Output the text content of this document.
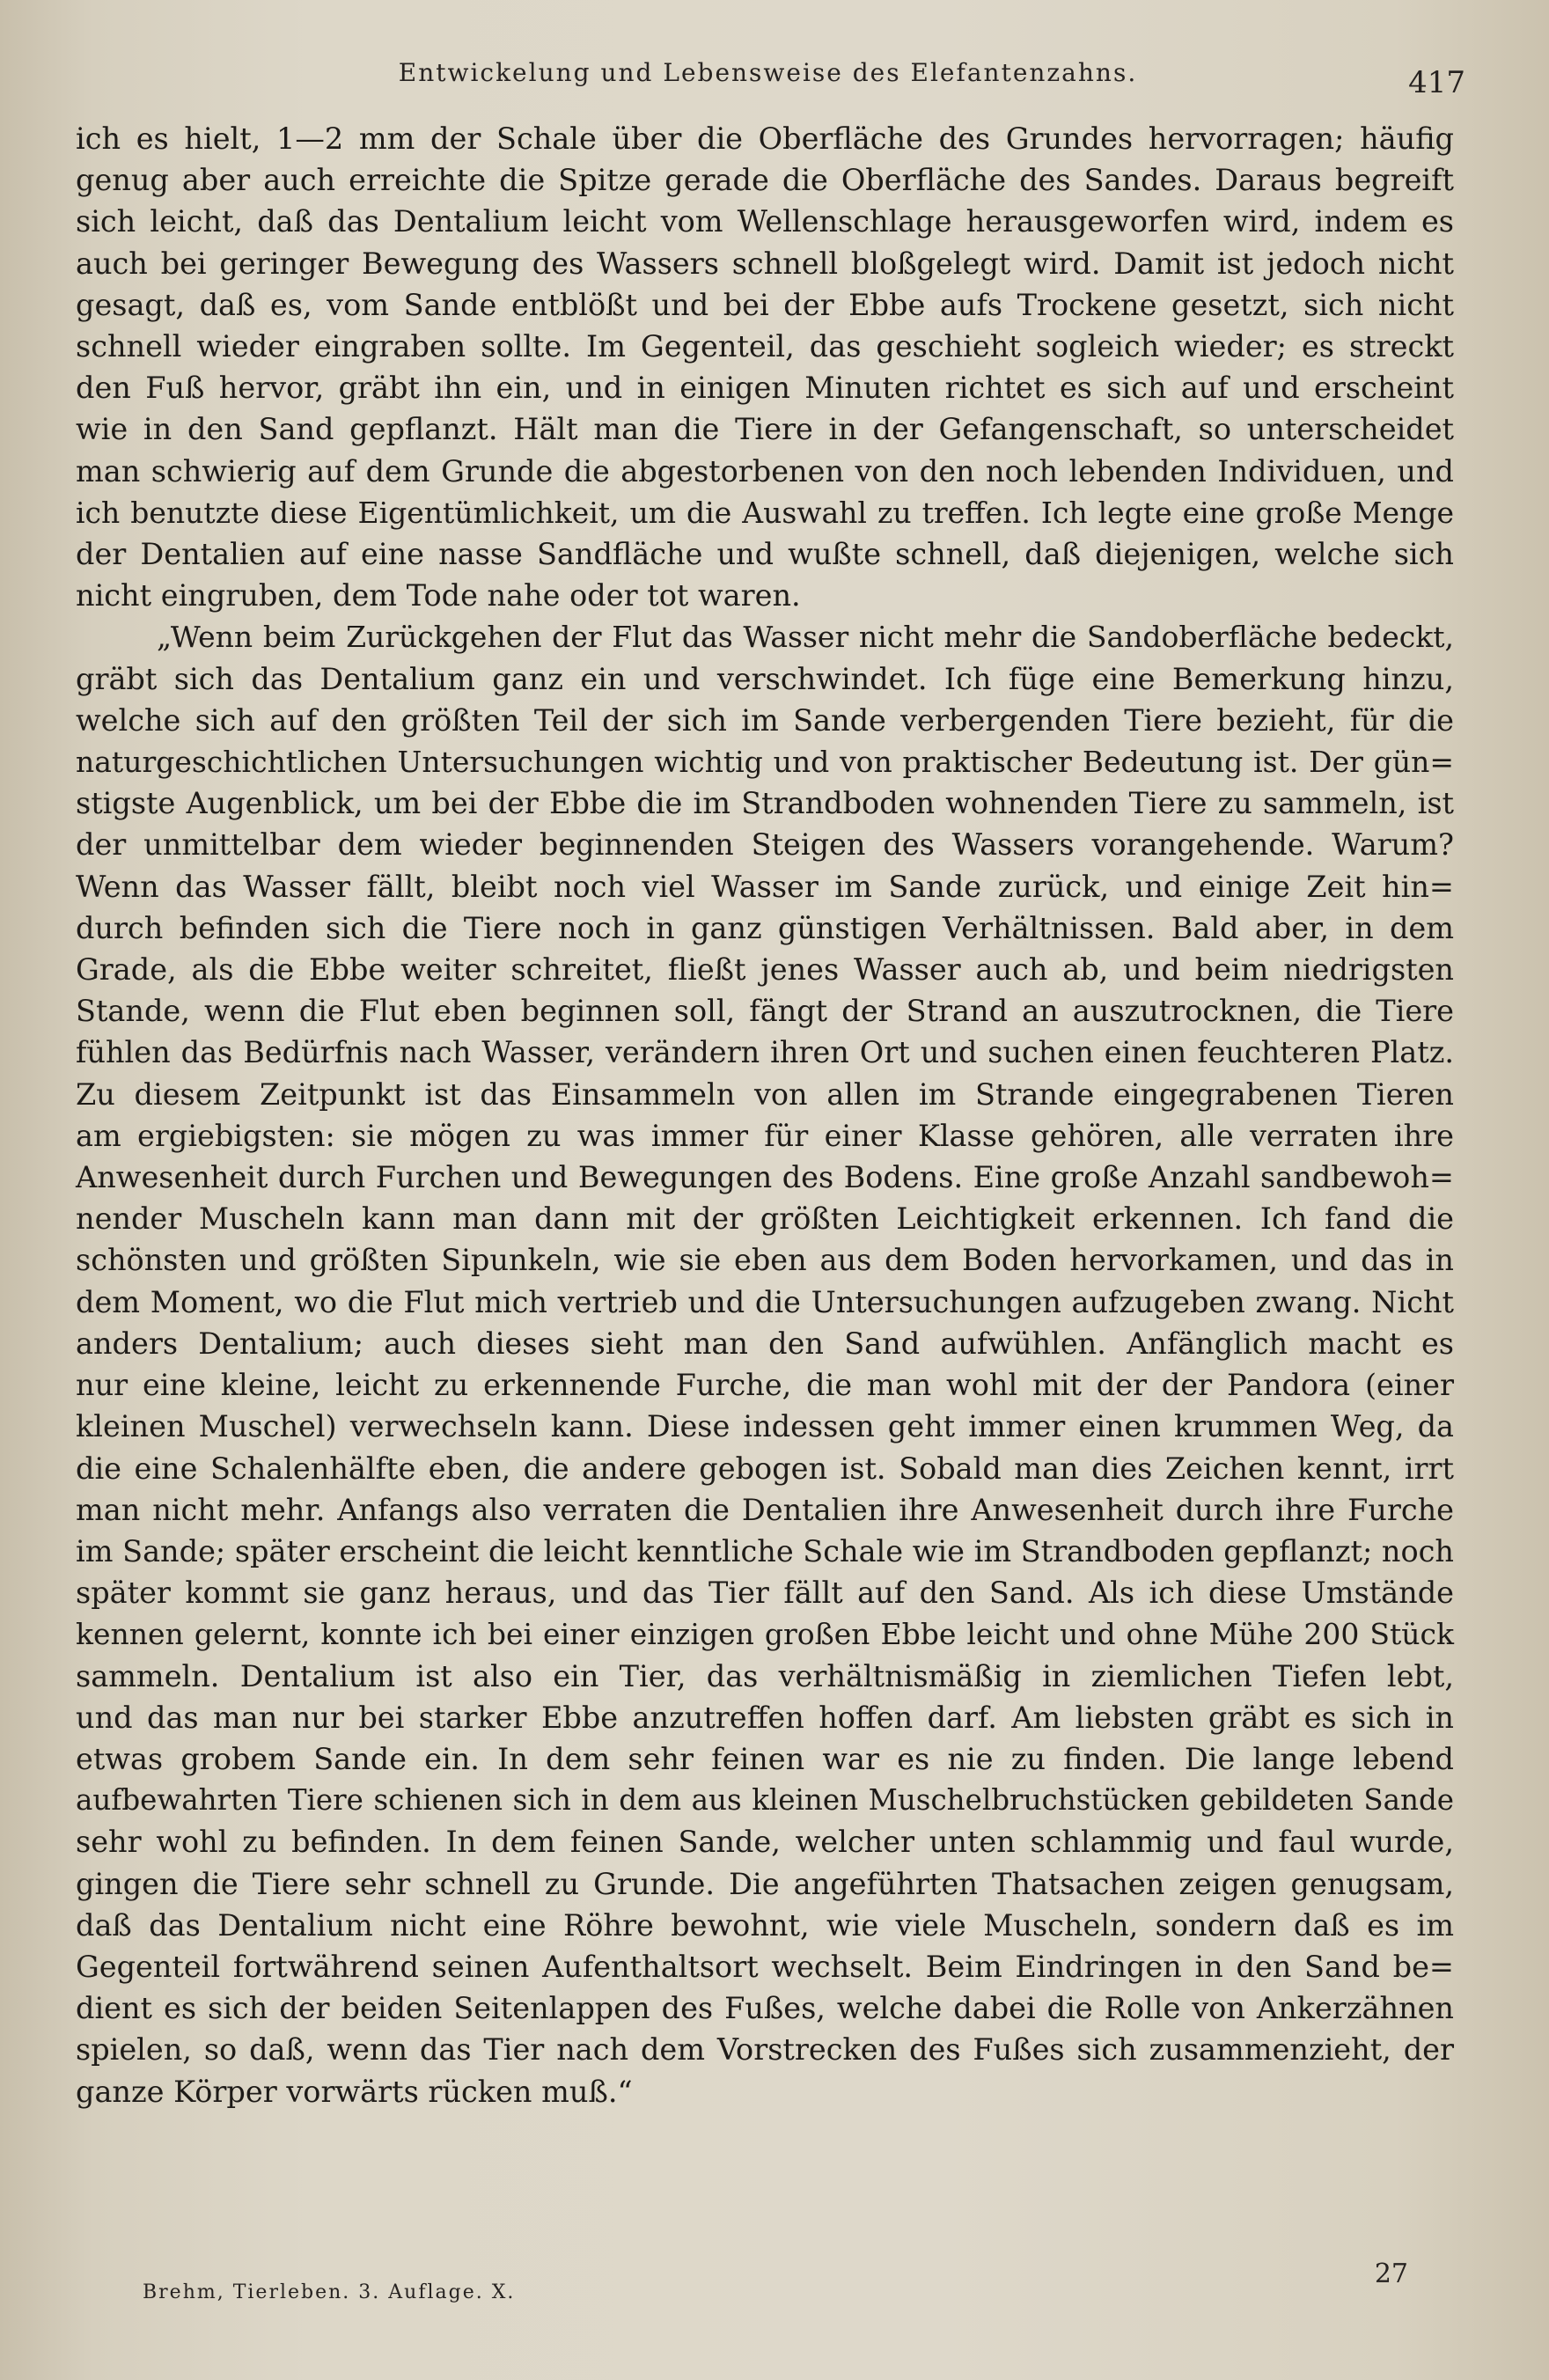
Entwickelung und Lebensweise des Elefantenzahns.	417

ich es hielt, 1—2 mm der Schale über die Oberfläche des Grundes hervorragen; häufig
genug aber auch erreichte die Spitze gerade die Oberfläche des Sandes. Daraus begreift
sich leicht, daß das Dentalium leicht vom Wellenschlage herausgeworfen wird, indem es
auch bei geringer Bewegung des Wassers schnell bloßgelegt wird. Damit ist jedoch nicht
gesagt, daß es, vom Sande entblößt und bei der Ebbe aufs Trockene gesetzt, sich nicht
schnell wieder eingraben sollte. Im Gegenteil, das geschieht sogleich wieder; es streckt
den Fuß hervor, gräbt ihn ein, und in einigen Minuten richtet es sich auf und erscheint
wie in den Sand gepflanzt. Hält man die Tiere in der Gefangenschaft, so unterscheidet
man schwierig auf dem Grunde die abgestorbenen von den noch lebenden Individuen, und
ich benutzte diese Eigentümlichkeit, um die Auswahl zu treffen. Ich legte eine große Menge
der Dentalien auf eine nasse Sandfläche und wußte schnell, daß diejenigen, welche sich
nicht eingruben, dem Tode nahe oder tot waren.

„Wenn beim Zurückgehen der Flut das Wasser nicht mehr die Sandoberfläche bedeckt,
gräbt sich das Dentalium ganz ein und verschwindet. Ich füge eine Bemerkung hinzu,
welche sich auf den größten Teil der sich im Sande verbergenden Tiere bezieht, für die
naturgeschichtlichen Untersuchungen wichtig und von praktischer Bedeutung ist. Der gün=
stigste Augenblick, um bei der Ebbe die im Strandboden wohnenden Tiere zu sammeln, ist
der unmittelbar dem wieder beginnenden Steigen des Wassers vorangehende. Warum?
Wenn das Wasser fällt, bleibt noch viel Wasser im Sande zurück, und einige Zeit hin=
durch befinden sich die Tiere noch in ganz günstigen Verhältnissen. Bald aber, in dem
Grade, als die Ebbe weiter schreitet, fließt jenes Wasser auch ab, und beim niedrigsten
Stande, wenn die Flut eben beginnen soll, fängt der Strand an auszutrocknen, die Tiere
fühlen das Bedürfnis nach Wasser, verändern ihren Ort und suchen einen feuchteren Platz.
Zu diesem Zeitpunkt ist das Einsammeln von allen im Strande eingegrabenen Tieren
am ergiebigsten: sie mögen zu was immer für einer Klasse gehören, alle verraten ihre
Anwesenheit durch Furchen und Bewegungen des Bodens. Eine große Anzahl sandbewoh=
nender Muscheln kann man dann mit der größten Leichtigkeit erkennen. Ich fand die
schönsten und größten Sipunkeln, wie sie eben aus dem Boden hervorkamen, und das in
dem Moment, wo die Flut mich vertrieb und die Untersuchungen aufzugeben zwang. Nicht
anders Dentalium; auch dieses sieht man den Sand aufwühlen. Anfänglich macht es
nur eine kleine, leicht zu erkennende Furche, die man wohl mit der der Pandora (einer
kleinen Muschel) verwechseln kann. Diese indessen geht immer einen krummen Weg, da
die eine Schalenhälfte eben, die andere gebogen ist. Sobald man dies Zeichen kennt, irrt
man nicht mehr. Anfangs also verraten die Dentalien ihre Anwesenheit durch ihre Furche
im Sande; später erscheint die leicht kenntliche Schale wie im Strandboden gepflanzt; noch
später kommt sie ganz heraus, und das Tier fällt auf den Sand. Als ich diese Umstände
kennen gelernt, konnte ich bei einer einzigen großen Ebbe leicht und ohne Mühe 200 Stück
sammeln. Dentalium ist also ein Tier, das verhältnismäßig in ziemlichen Tiefen lebt,
und das man nur bei starker Ebbe anzutreffen hoffen darf. Am liebsten gräbt es sich in
etwas grobem Sande ein. In dem sehr feinen war es nie zu finden. Die lange lebend
aufbewahrten Tiere schienen sich in dem aus kleinen Muschelbruchstücken gebildeten Sande
sehr wohl zu befinden. In dem feinen Sande, welcher unten schlammig und faul wurde,
gingen die Tiere sehr schnell zu Grunde. Die angeführten Thatsachen zeigen genugsam,
daß das Dentalium nicht eine Röhre bewohnt, wie viele Muscheln, sondern daß es im
Gegenteil fortwährend seinen Aufenthaltsort wechselt. Beim Eindringen in den Sand be=
dient es sich der beiden Seitenlappen des Fußes, welche dabei die Rolle von Ankerzähnen
spielen, so daß, wenn das Tier nach dem Vorstrecken des Fußes sich zusammenzieht, der
ganze Körper vorwärts rücken muß.“

Brehm, Tierleben. 3. Auflage. X.
27
